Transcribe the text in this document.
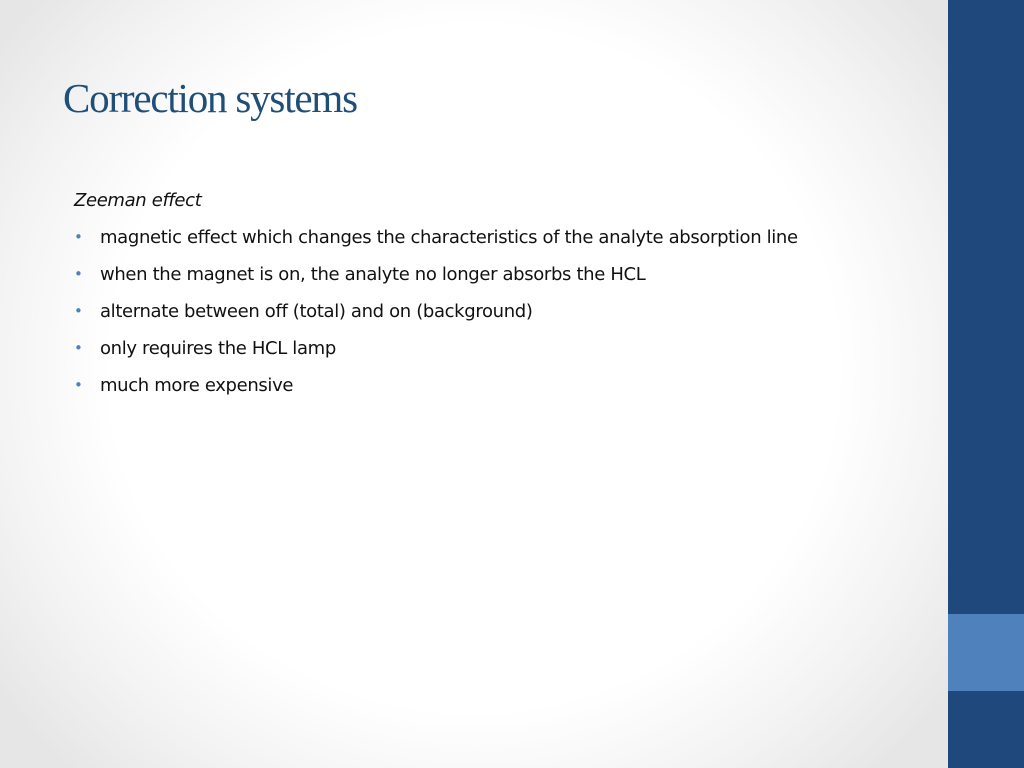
Correction systems
Zeeman effect
• magnetic effect which changes the characteristics of the analyte absorption line
• when the magnet is on, the analyte no longer absorbs the HCL
• alternate between off (total) and on (background)
• only requires the HCL lamp
• much more expensive
